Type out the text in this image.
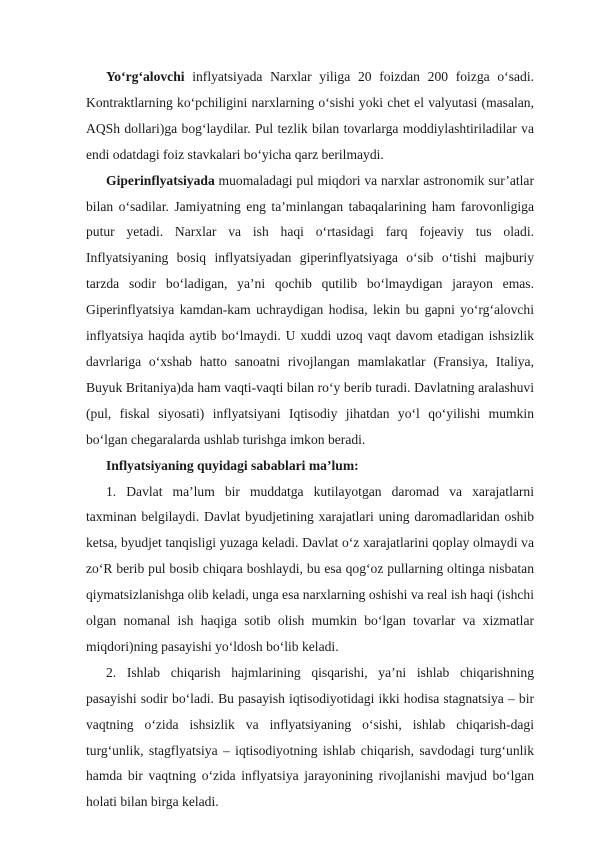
Yo‘rg‘alovchi inflyatsiyada Narxlar yiliga 20 foizdan 200 foizga o‘sadi. Kontraktlarning ko‘pchiligini narxlarning o‘sishi yoki chet el valyutasi (masalan, AQSh dollari)ga bog‘laydilar. Pul tezlik bilan tovarlarga moddiylashtiriladilar va endi odatdagi foiz stavkalari bo‘yicha qarz berilmaydi.

Giperinflyatsiyada muomaladagi pul miqdori va narxlar astronomik sur’atlar bilan o‘sadilar. Jamiyatning eng ta’minlangan tabaqalarining ham farovonligiga putur yetadi. Narxlar va ish haqi o‘rtasidagi farq fojeaviy tus oladi. Inflyatsiyaning bosiq inflyatsiyadan giperinflyatsiyaga o‘sib o‘tishi majburiy tarzda sodir bo‘ladigan, ya’ni qochib qutilib bo‘lmaydigan jarayon emas. Giperinflyatsiya kamdan-kam uchraydigan hodisa, lekin bu gapni yo‘rg‘alovchi inflyatsiya haqida aytib bo‘lmaydi. U xuddi uzoq vaqt davom etadigan ishsizlik davrlariga o‘xshab hatto sanoatni rivojlangan mamlakatlar (Fransiya, Italiya, Buyuk Britaniya)da ham vaqti-vaqti bilan ro‘y berib turadi. Davlatning aralashuvi (pul, fiskal siyosati) inflyatsiyani Iqtisodiy jihatdan yo‘l qo‘yilishi mumkin bo‘lgan chegaralarda ushlab turishga imkon beradi.

Inflyatsiyaning quyidagi sabablari ma’lum:

1. Davlat ma’lum bir muddatga kutilayotgan daromad va xarajatlarni taxminan belgilaydi. Davlat byudjetining xarajatlari uning daromadlaridan oshib ketsa, byudjet tanqisligi yuzaga keladi. Davlat o‘z xarajatlarini qoplay olmaydi va zo‘R berib pul bosib chiqara boshlaydi, bu esa qog‘oz pullarning oltinga nisbatan qiymatsizlanishga olib keladi, unga esa narxlarning oshishi va real ish haqi (ishchi olgan nomanal ish haqiga sotib olish mumkin bo‘lgan tovarlar va xizmatlar miqdori)ning pasayishi yo‘ldosh bo‘lib keladi.

2. Ishlab chiqarish hajmlarining qisqarishi, ya’ni ishlab chiqarishning pasayishi sodir bo‘ladi. Bu pasayish iqtisodiyotidagi ikki hodisa stagnatsiya – bir vaqtning o‘zida ishsizlik va inflyatsiyaning o‘sishi, ishlab chiqarish-dagi turg‘unlik, stagflyatsiya – iqtisodiyotning ishlab chiqarish, savdodagi turg‘unlik hamda bir vaqtning o‘zida inflyatsiya jarayonining rivojlanishi mavjud bo‘lgan holati bilan birga keladi.
